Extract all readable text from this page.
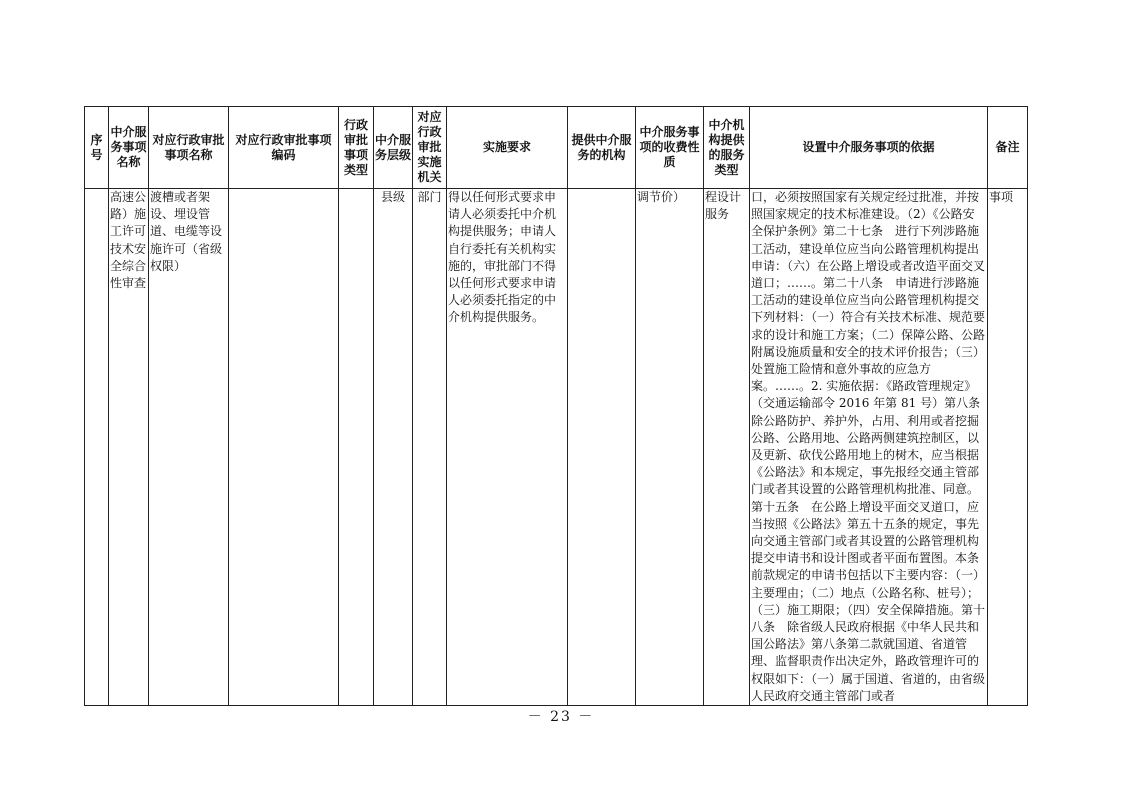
序号	中介服务事项名称	对应行政审批事项名称	对应行政审批事项编码	行政审批事项类型	中介服务层级	对应行政审批实施机关	实施要求	提供中介服务的机构	中介服务事项的收费性质	中介机构提供的服务类型	设置中介服务事项的依据	备注
	高速公路）施工许可技术安全综合性审查	渡槽或者架设、埋设管道、电缆等设施许可（省级权限）			县级	部门	得以任何形式要求申请人必须委托中介机构提供服务；申请人自行委托有关机构实施的，审批部门不得以任何形式要求申请人必须委托指定的中介机构提供服务。		调节价）	程设计服务	口，必须按照国家有关规定经过批准，并按照国家规定的技术标准建设。（2）《公路安全保护条例》第二十七条　进行下列涉路施工活动，建设单位应当向公路管理机构提出申请：（六）在公路上增设或者改造平面交叉道口；……。第二十八条　申请进行涉路施工活动的建设单位应当向公路管理机构提交下列材料：（一）符合有关技术标准、规范要求的设计和施工方案；（二）保障公路、公路附属设施质量和安全的技术评价报告；（三）处置施工险情和意外事故的应急方案。……。2. 实施依据：《路政管理规定》（交通运输部令 2016 年第 81 号）第八条　除公路防护、养护外，占用、利用或者挖掘公路、公路用地、公路两侧建筑控制区，以及更新、砍伐公路用地上的树木，应当根据《公路法》和本规定，事先报经交通主管部门或者其设置的公路管理机构批准、同意。第十五条　在公路上增设平面交叉道口，应当按照《公路法》第五十五条的规定，事先向交通主管部门或者其设置的公路管理机构提交申请书和设计图或者平面布置图。本条前款规定的申请书包括以下主要内容：（一）主要理由；（二）地点（公路名称、桩号）；（三）施工期限；（四）安全保障措施。第十八条　除省级人民政府根据《中华人民共和国公路法》第八条第二款就国道、省道管理、监督职责作出决定外，路政管理许可的权限如下：（一）属于国道、省道的，由省级人民政府交通主管部门或者	事项
－ 23 －
